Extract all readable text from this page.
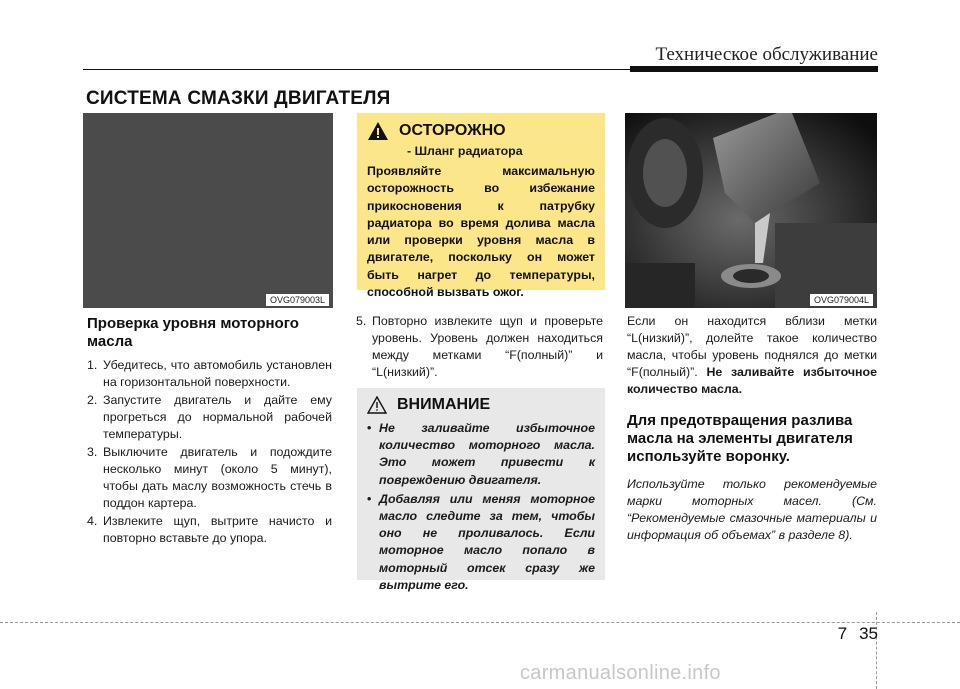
Техническое обслуживание
СИСТЕМА СМАЗКИ ДВИГАТЕЛЯ
OVG079003L
ОСТОРОЖНО
- Шланг радиатора
Проявляйте максимальную осторожность во избежание прикосновения к патрубку радиатора во время долива масла или проверки уровня масла в двигателе, поскольку он может быть нагрет до температуры, способной вызвать ожог.
OVG079004L
Проверка уровня моторного масла
1. Убедитесь, что автомобиль установлен на горизонтальной поверхности.
2. Запустите двигатель и дайте ему прогреться до нормальной рабочей температуры.
3. Выключите двигатель и подождите несколько минут (около 5 минут), чтобы дать маслу возможность стечь в поддон картера.
4. Извлеките щуп, вытрите начисто и повторно вставьте до упора.
5. Повторно извлеките щуп и проверьте уровень. Уровень должен находиться между метками “F(полный)” и “L(низкий)”.
ВНИМАНИЕ
• Не заливайте избыточное количество моторного масла. Это может привести к повреждению двигателя.
• Добавляя или меняя моторное масло следите за тем, чтобы оно не проливалось. Если моторное масло попало в моторный отсек сразу же вытрите его.
Если он находится вблизи метки “L(низкий)”, долейте такое количество масла, чтобы уровень поднялся до метки “F(полный)”. Не заливайте избыточное количество масла.
Для предотвращения разлива масла на элементы двигателя используйте воронку.
Используйте только рекомендуемые марки моторных масел. (См. “Рекомендуемые смазочные материалы и информация об объемах” в разделе 8).
7 35
carmanualsonline.info
